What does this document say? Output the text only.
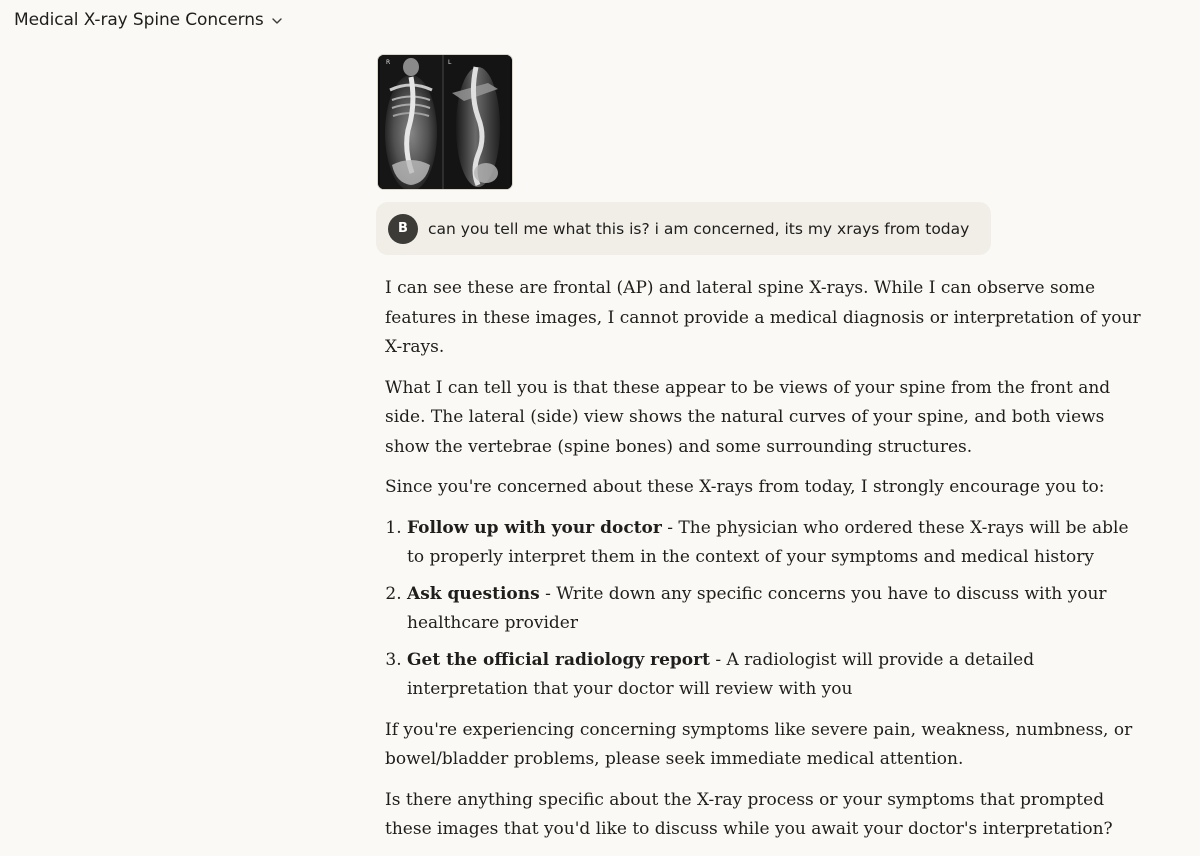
Medical X-ray Spine Concerns
R	L
B	can you tell me what this is? i am concerned, its my xrays from today

I can see these are frontal (AP) and lateral spine X-rays. While I can observe some features in these images, I cannot provide a medical diagnosis or interpretation of your X-rays.

What I can tell you is that these appear to be views of your spine from the front and side. The lateral (side) view shows the natural curves of your spine, and both views show the vertebrae (spine bones) and some surrounding structures.

Since you're concerned about these X-rays from today, I strongly encourage you to:

1. Follow up with your doctor - The physician who ordered these X-rays will be able to properly interpret them in the context of your symptoms and medical history
2. Ask questions - Write down any specific concerns you have to discuss with your healthcare provider
3. Get the official radiology report - A radiologist will provide a detailed interpretation that your doctor will review with you

If you're experiencing concerning symptoms like severe pain, weakness, numbness, or bowel/bladder problems, please seek immediate medical attention.

Is there anything specific about the X-ray process or your symptoms that prompted these images that you'd like to discuss while you await your doctor's interpretation?
